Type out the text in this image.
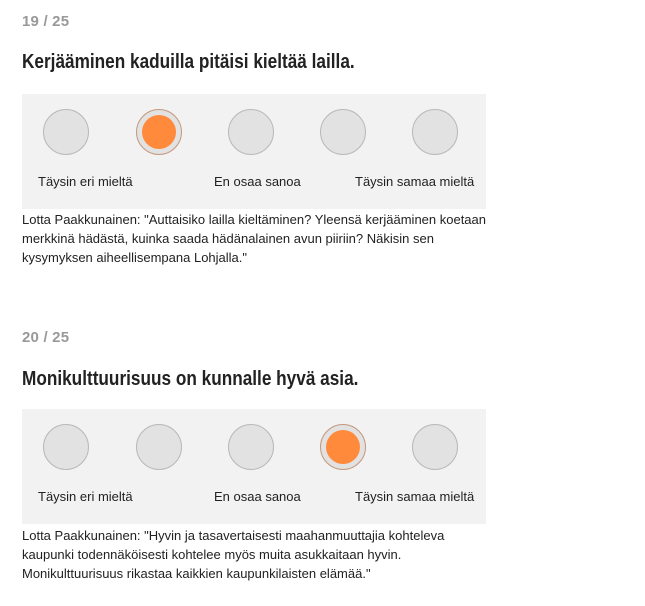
19 / 25
Kerjääminen kaduilla pitäisi kieltää laillа.
Täysin eri mieltä	En osaa sanoa	Täysin samaa mieltä

Lotta Paakkunainen: "Auttaisiko lailla kieltäminen? Yleensä kerjääminen koetaan merkkinä hädästä, kuinka saada hädänalainen avun piiriin? Näkisin sen kysymyksen aiheellisempana Lohjalla."

20 / 25
Monikulttuurisuus on kunnalle hyvä asia.
Täysin eri mieltä	En osaa sanoa	Täysin samaa mieltä

Lotta Paakkunainen: "Hyvin ja tasavertaisesti maahanmuuttajia kohteleva kaupunki todennäköisesti kohtelee myös muita asukkaitaan hyvin. Monikulttuurisuus rikastaa kaikkien kaupunkilaisten elämää."
